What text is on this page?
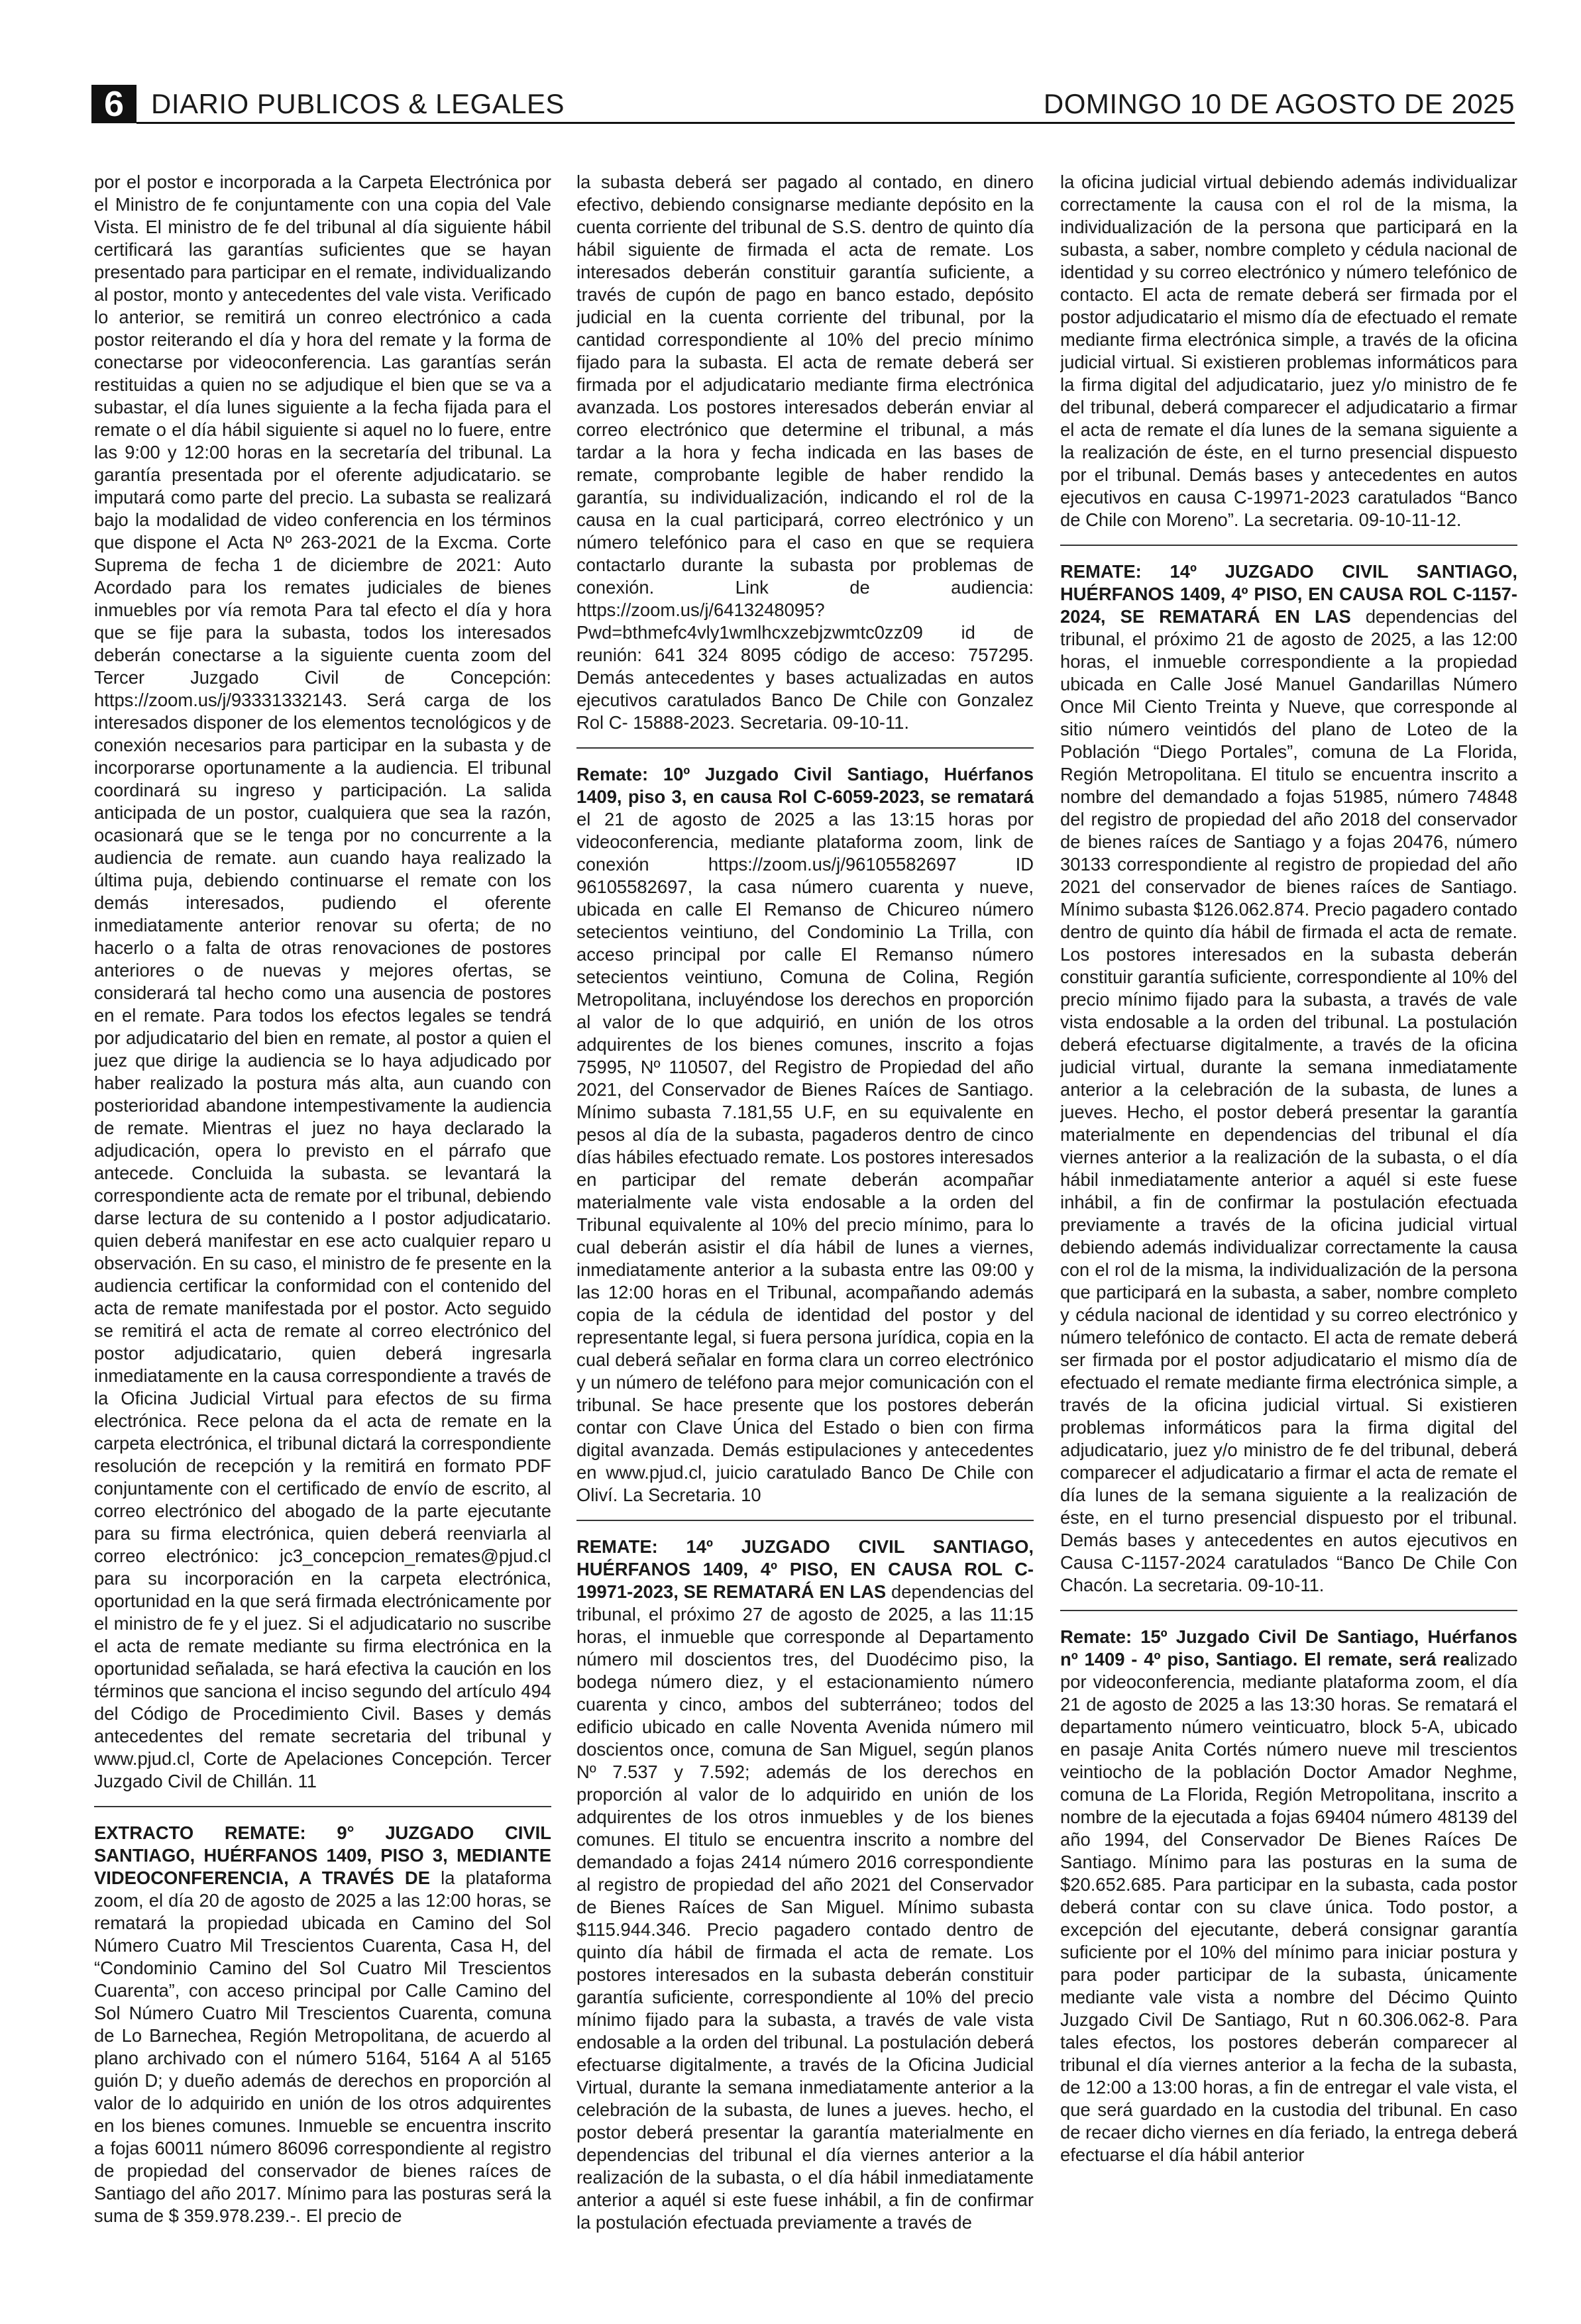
6 DIARIO PUBLICOS & LEGALES	DOMINGO 10 DE AGOSTO DE 2025

por el postor e incorporada a la Carpeta Electrónica por el Ministro de fe conjuntamente con una copia del Vale Vista. El ministro de fe del tribunal al día siguiente hábil certificará las garantías suficientes que se hayan presentado para participar en el remate, individualizando al postor, monto y antecedentes del vale vista. Verificado lo anterior, se remitirá un conreo electrónico a cada postor reiterando el día y hora del remate y la forma de conectarse por videoconferencia. Las garantías serán restituidas a quien no se adjudique el bien que se va a subastar, el día lunes siguiente a la fecha fijada para el remate o el día hábil siguiente si aquel no lo fuere, entre las 9:00 y 12:00 horas en la secretaría del tribunal. La garantía presentada por el oferente adjudicatario. se imputará como parte del precio. La subasta se realizará bajo la modalidad de video conferencia en los términos que dispone el Acta Nº 263-2021 de la Excma. Corte Suprema de fecha 1 de diciembre de 2021: Auto Acordado para los remates judiciales de bienes inmuebles por vía remota Para tal efecto el día y hora que se fije para la subasta, todos los interesados deberán conectarse a la siguiente cuenta zoom del Tercer Juzgado Civil de Concepción: https://zoom.us/j/93331332143. Será carga de los interesados disponer de los elementos tecnológicos y de conexión necesarios para participar en la subasta y de incorporarse oportunamente a la audiencia. El tribunal coordinará su ingreso y participación. La salida anticipada de un postor, cualquiera que sea la razón, ocasionará que se le tenga por no concurrente a la audiencia de remate. aun cuando haya realizado la última puja, debiendo continuarse el remate con los demás interesados, pudiendo el oferente inmediatamente anterior renovar su oferta; de no hacerlo o a falta de otras renovaciones de postores anteriores o de nuevas y mejores ofertas, se considerará tal hecho como una ausencia de postores en el remate. Para todos los efectos legales se tendrá por adjudicatario del bien en remate, al postor a quien el juez que dirige la audiencia se lo haya adjudicado por haber realizado la postura más alta, aun cuando con posterioridad abandone intempestivamente la audiencia de remate. Mientras el juez no haya declarado la adjudicación, opera lo previsto en el párrafo que antecede. Concluida la subasta. se levantará la correspondiente acta de remate por el tribunal, debiendo darse lectura de su contenido a I postor adjudicatario. quien deberá manifestar en ese acto cualquier reparo u observación. En su caso, el ministro de fe presente en la audiencia certificar la conformidad con el contenido del acta de remate manifestada por el postor. Acto seguido se remitirá el acta de remate al correo electrónico del postor adjudicatario, quien deberá ingresarla inmediatamente en la causa correspondiente a través de la Oficina Judicial Virtual para efectos de su firma electrónica. Rece pelona da el acta de remate en la carpeta electrónica, el tribunal dictará la correspondiente resolución de recepción y la remitirá en formato PDF conjuntamente con el certificado de envío de escrito, al correo electrónico del abogado de la parte ejecutante para su firma electrónica, quien deberá reenviarla al correo electrónico: jc3_concepcion_remates@pjud.cl para su incorporación en la carpeta electrónica, oportunidad en la que será firmada electrónicamente por el ministro de fe y el juez. Si el adjudicatario no suscribe el acta de remate mediante su firma electrónica en la oportunidad señalada, se hará efectiva la caución en los términos que sanciona el inciso segundo del artículo 494 del Código de Procedimiento Civil. Bases y demás antecedentes del remate secretaria del tribunal y www.pjud.cl, Corte de Apelaciones Concepción. Tercer Juzgado Civil de Chillán. 11

EXTRACTO REMATE: 9° JUZGADO CIVIL SANTIAGO, HUÉRFANOS 1409, PISO 3, MEDIANTE VIDEOCONFERENCIA, A TRAVÉS DE la plataforma zoom, el día 20 de agosto de 2025 a las 12:00 horas, se rematará la propiedad ubicada en Camino del Sol Número Cuatro Mil Trescientos Cuarenta, Casa H, del “Condominio Camino del Sol Cuatro Mil Trescientos Cuarenta”, con acceso principal por Calle Camino del Sol Número Cuatro Mil Trescientos Cuarenta, comuna de Lo Barnechea, Región Metropolitana, de acuerdo al plano archivado con el número 5164, 5164 A al 5165 guión D; y dueño además de derechos en proporción al valor de lo adquirido en unión de los otros adquirentes en los bienes comunes. Inmueble se encuentra inscrito a fojas 60011 número 86096 correspondiente al registro de propiedad del conservador de bienes raíces de Santiago del año 2017. Mínimo para las posturas será la suma de $ 359.978.239.-. El precio de

la subasta deberá ser pagado al contado, en dinero efectivo, debiendo consignarse mediante depósito en la cuenta corriente del tribunal de S.S. dentro de quinto día hábil siguiente de firmada el acta de remate. Los interesados deberán constituir garantía suficiente, a través de cupón de pago en banco estado, depósito judicial en la cuenta corriente del tribunal, por la cantidad correspondiente al 10% del precio mínimo fijado para la subasta. El acta de remate deberá ser firmada por el adjudicatario mediante firma electrónica avanzada. Los postores interesados deberán enviar al correo electrónico que determine el tribunal, a más tardar a la hora y fecha indicada en las bases de remate, comprobante legible de haber rendido la garantía, su individualización, indicando el rol de la causa en la cual participará, correo electrónico y un número telefónico para el caso en que se requiera contactarlo durante la subasta por problemas de conexión. Link de audiencia: https://zoom.us/j/6413248095?Pwd=bthmefc4vly1wmlhcxzebjzwmtc0zz09 id de reunión: 641 324 8095 código de acceso: 757295. Demás antecedentes y bases actualizadas en autos ejecutivos caratulados Banco De Chile con Gonzalez Rol C- 15888-2023. Secretaria. 09-10-11.

Remate: 10º Juzgado Civil Santiago, Huérfanos 1409, piso 3, en causa Rol C-6059-2023, se rematará el 21 de agosto de 2025 a las 13:15 horas por videoconferencia, mediante plataforma zoom, link de conexión https://zoom.us/j/96105582697 ID 96105582697, la casa número cuarenta y nueve, ubicada en calle El Remanso de Chicureo número setecientos veintiuno, del Condominio La Trilla, con acceso principal por calle El Remanso número setecientos veintiuno, Comuna de Colina, Región Metropolitana, incluyéndose los derechos en proporción al valor de lo que adquirió, en unión de los otros adquirentes de los bienes comunes, inscrito a fojas 75995, Nº 110507, del Registro de Propiedad del año 2021, del Conservador de Bienes Raíces de Santiago. Mínimo subasta 7.181,55 U.F, en su equivalente en pesos al día de la subasta, pagaderos dentro de cinco días hábiles efectuado remate. Los postores interesados en participar del remate deberán acompañar materialmente vale vista endosable a la orden del Tribunal equivalente al 10% del precio mínimo, para lo cual deberán asistir el día hábil de lunes a viernes, inmediatamente anterior a la subasta entre las 09:00 y las 12:00 horas en el Tribunal, acompañando además copia de la cédula de identidad del postor y del representante legal, si fuera persona jurídica, copia en la cual deberá señalar en forma clara un correo electrónico y un número de teléfono para mejor comunicación con el tribunal. Se hace presente que los postores deberán contar con Clave Única del Estado o bien con firma digital avanzada. Demás estipulaciones y antecedentes en www.pjud.cl, juicio caratulado Banco De Chile con Oliví. La Secretaria. 10

REMATE: 14º JUZGADO CIVIL SANTIAGO, HUÉRFANOS 1409, 4º PISO, EN CAUSA ROL C-19971-2023, SE REMATARÁ EN LAS dependencias del tribunal, el próximo 27 de agosto de 2025, a las 11:15 horas, el inmueble que corresponde al Departamento númerо mil doscientos tres, del Duodécimo piso, la bodega número diez, y el estacionamiento número cuarenta y cinco, ambos del subterráneo; todos del edificio ubicado en calle Noventa Avenida número mil doscientos once, comuna de San Miguel, según planos Nº 7.537 y 7.592; además de los derechos en proporción al valor de lo adquirido en unión de los adquirentes de los otros inmuebles y de los bienes comunes. El titulo se encuentra inscrito a nombre del demandado a fojas 2414 número 2016 correspondiente al registro de propiedad del año 2021 del Conservador de Bienes Raíces de San Miguel. Mínimo subasta $115.944.346. Precio pagadero contado dentro de quinto día hábil de firmada el acta de remate. Los postores interesados en la subasta deberán constituir garantía suficiente, correspondiente al 10% del precio mínimo fijado para la subasta, a través de vale vista endosable a la orden del tribunal. La postulación deberá efectuarse digitalmente, a través de la Oficina Judicial Virtual, durante la semana inmediatamente anterior a la celebración de la subasta, de lunes a jueves. hecho, el postor deberá presentar la garantía materialmente en dependencias del tribunal el día viernes anterior a la realización de la subasta, o el día hábil inmediatamente anterior a aquél si este fuese inhábil, a fin de confirmar la postulación efectuada previamente a través de

la oficina judicial virtual debiendo además individualizar correctamente la causa con el rol de la misma, la individualización de la persona que participará en la subasta, a saber, nombre completo y cédula nacional de identidad y su correo electrónico y número telefónico de contacto. El acta de remate deberá ser firmada por el postor adjudicatario el mismo día de efectuado el remate mediante firma electrónica simple, a través de la oficina judicial virtual. Si existieren problemas informáticos para la firma digital del adjudicatario, juez y/o ministro de fe del tribunal, deberá comparecer el adjudicatario a firmar el acta de remate el día lunes de la semana siguiente a la realización de éste, en el turno presencial dispuesto por el tribunal. Demás bases y antecedentes en autos ejecutivos en causa C-19971-2023 caratulados “Banco de Chile con Moreno”. La secretaria. 09-10-11-12.

REMATE: 14º JUZGADO CIVIL SANTIAGO, HUÉRFANOS 1409, 4º PISO, EN CAUSA ROL C-1157-2024, SE REMATARÁ EN LAS dependencias del tribunal, el próximo 21 de agosto de 2025, a las 12:00 horas, el inmueble correspondiente a la propiedad ubicada en Calle José Manuel Gandarillas Número Once Mil Ciento Treinta y Nueve, que corresponde al sitio número veintidós del plano de Loteo de la Población “Diego Portales”, comuna de La Florida, Región Metropolitana. El titulo se encuentra inscrito a nombre del demandado a fojas 51985, número 74848 del registro de propiedad del año 2018 del conservador de bienes raíces de Santiago y a fojas 20476, número 30133 correspondiente al registro de propiedad del año 2021 del conservador de bienes raíces de Santiago. Mínimo subasta $126.062.874. Precio pagadero contado dentro de quinto día hábil de firmada el acta de remate. Los postores interesados en la subasta deberán constituir garantía suficiente, correspondiente al 10% del precio mínimo fijado para la subasta, a través de vale vista endosable a la orden del tribunal. La postulación deberá efectuarse digitalmente, a través de la oficina judicial virtual, durante la semana inmediatamente anterior a la celebración de la subasta, de lunes a jueves. Hecho, el postor deberá presentar la garantía materialmente en dependencias del tribunal el día viernes anterior a la realización de la subasta, o el día hábil inmediatamente anterior a aquél si este fuese inhábil, a fin de confirmar la postulación efectuada previamente a través de la oficina judicial virtual debiendo además individualizar correctamente la causa con el rol de la misma, la individualización de la persona que participará en la subasta, a saber, nombre completo y cédula nacional de identidad y su correo electrónico y número telefónico de contacto. El acta de remate deberá ser firmada por el postor adjudicatario el mismo día de efectuado el remate mediante firma electrónica simple, a través de la oficina judicial virtual. Si existieren problemas informáticos para la firma digital del adjudicatario, juez y/o ministro de fe del tribunal, deberá comparecer el adjudicatario a firmar el acta de remate el día lunes de la semana siguiente a la realización de éste, en el turno presencial dispuesto por el tribunal. Demás bases y antecedentes en autos ejecutivos en Causa C-1157-2024 caratulados “Banco De Chile Con Chacón. La secretaria. 09-10-11.

Remate: 15º Juzgado Civil De Santiago, Huérfanos nº 1409 - 4º piso, Santiago. El remate, será realizado por videoconferencia, mediante plataforma zoom, el día 21 de agosto de 2025 a las 13:30 horas. Se rematará el departamento número veinticuatro, block 5-A, ubicado en pasaje Anita Cortés número nueve mil trescientos veintiocho de la población Doctor Amador Neghme, comuna de La Florida, Región Metropolitana, inscrito a nombre de la ejecutada a fojas 69404 número 48139 del año 1994, del Conservador De Bienes Raíces De Santiago. Mínimo para las posturas en la suma de $20.652.685. Para participar en la subasta, cada postor deberá contar con su clave única. Todo postor, a excepción del ejecutante, deberá consignar garantía suficiente por el 10% del mínimo para iniciar postura y para poder participar de la subasta, únicamente mediante vale vista a nombre del Décimo Quinto Juzgado Civil De Santiago, Rut n 60.306.062-8. Para tales efectos, los postores deberán comparecer al tribunal el día viernes anterior a la fecha de la subasta, de 12:00 a 13:00 horas, a fin de entregar el vale vista, el que será guardado en la custodia del tribunal. En caso de recaer dicho viernes en día feriado, la entrega deberá efectuarse el día hábil anterior
